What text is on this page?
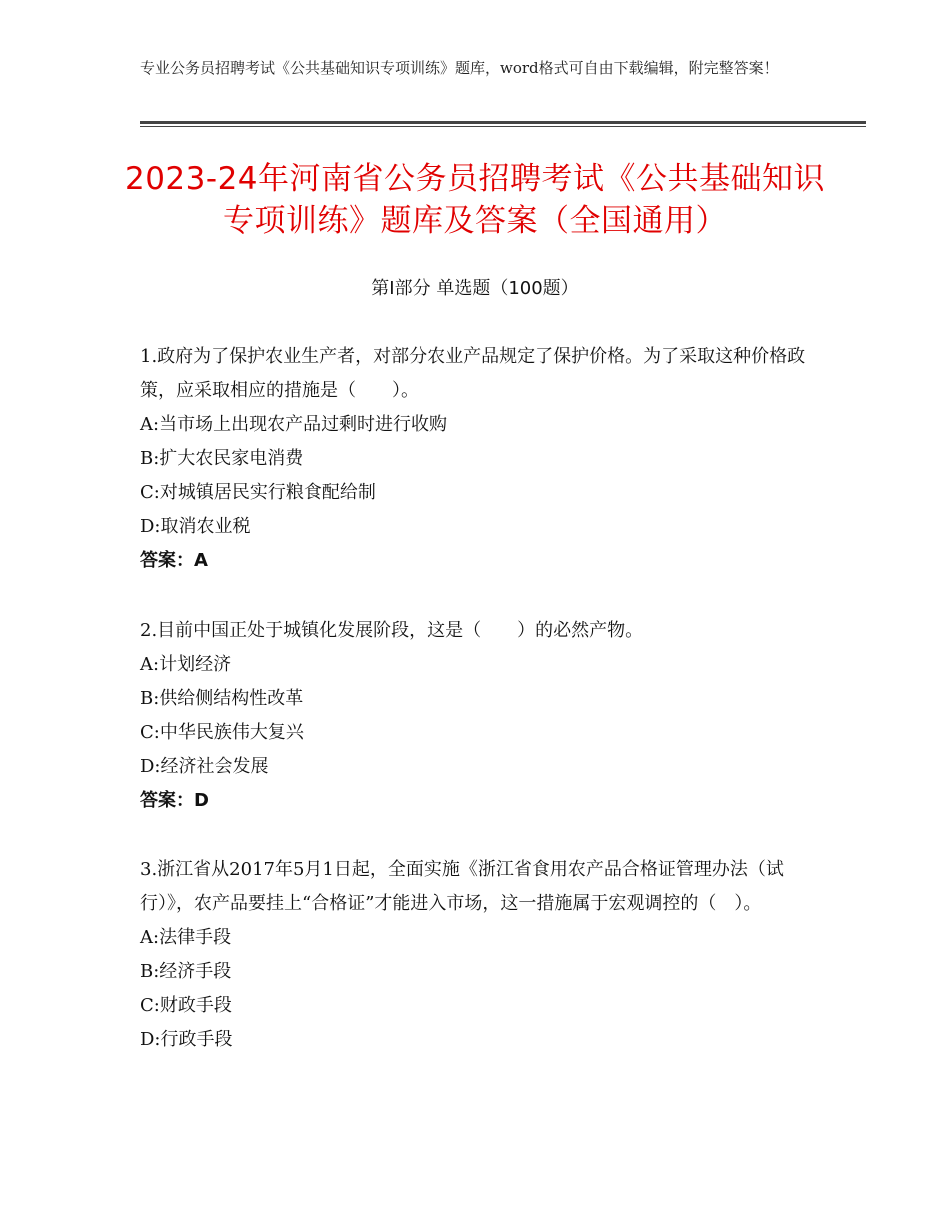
专业公务员招聘考试《公共基础知识专项训练》题库，word格式可自由下载编辑，附完整答案！
2023-24年河南省公务员招聘考试《公共基础知识专项训练》题库及答案（全国通用）
第Ⅰ部分 单选题（100题）
1.政府为了保护农业生产者，对部分农业产品规定了保护价格。为了采取这种价格政策，应采取相应的措施是（　　）。
A:当市场上出现农产品过剩时进行收购
B:扩大农民家电消费
C:对城镇居民实行粮食配给制
D:取消农业税
答案：A
2.目前中国正处于城镇化发展阶段，这是（　　）的必然产物。
A:计划经济
B:供给侧结构性改革
C:中华民族伟大复兴
D:经济社会发展
答案：D
3.浙江省从2017年5月1日起，全面实施《浙江省食用农产品合格证管理办法（试行）》，农产品要挂上“合格证”才能进入市场，这一措施属于宏观调控的（　）。
A:法律手段
B:经济手段
C:财政手段
D:行政手段
